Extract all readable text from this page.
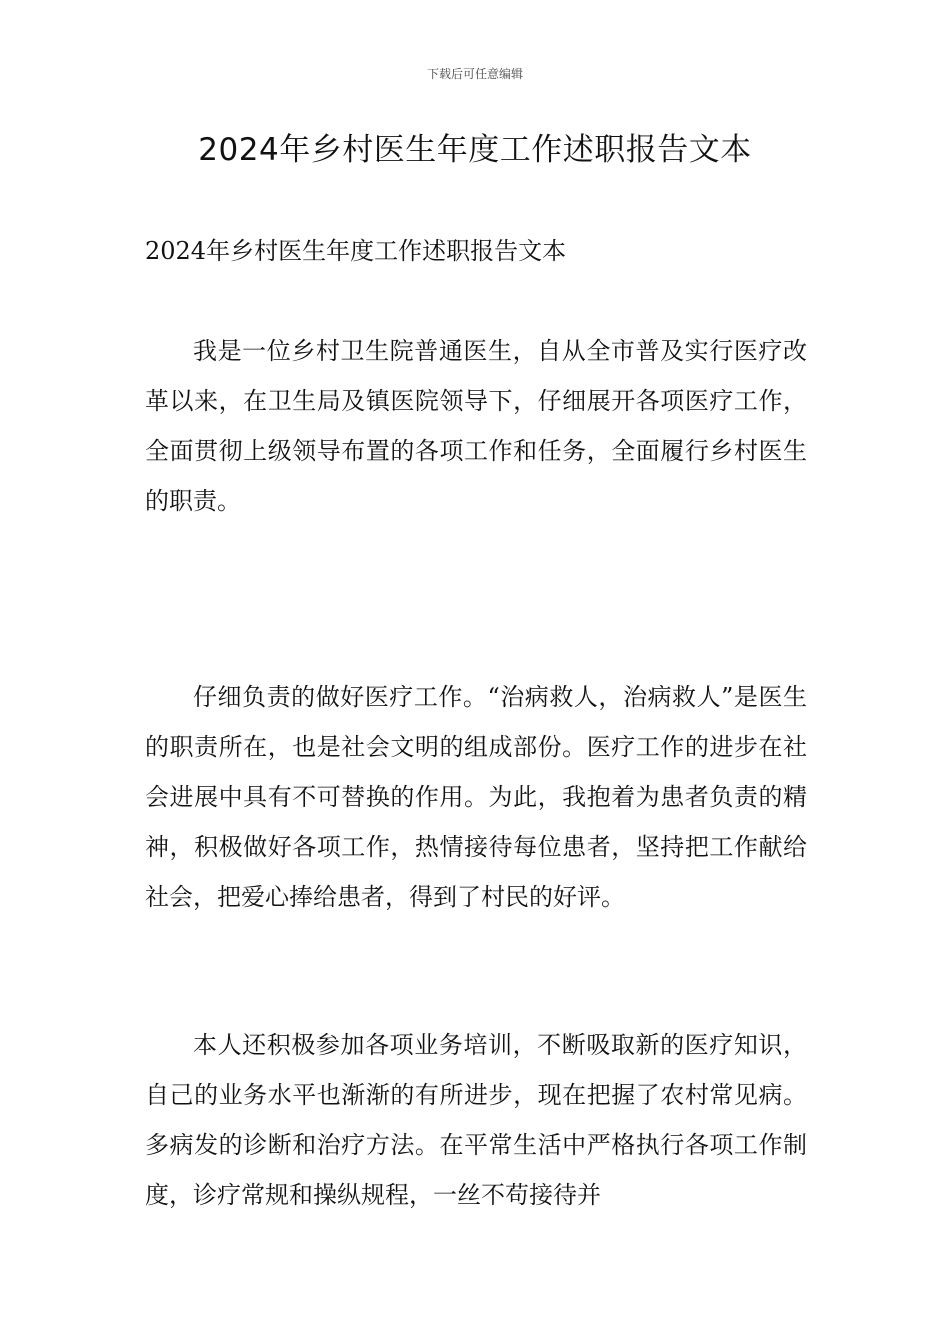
下载后可任意编辑
2024年乡村医生年度工作述职报告文本

2024年乡村医生年度工作述职报告文本

我是一位乡村卫生院普通医生，自从全市普及实行医疗改革以来，在卫生局及镇医院领导下，仔细展开各项医疗工作，全面贯彻上级领导布置的各项工作和任务，全面履行乡村医生的职责。

仔细负责的做好医疗工作。“治病救人，治病救人”是医生的职责所在，也是社会文明的组成部份。医疗工作的进步在社会进展中具有不可替换的作用。为此，我抱着为患者负责的精神，积极做好各项工作，热情接待每位患者，坚持把工作献给社会，把爱心捧给患者，得到了村民的好评。

本人还积极参加各项业务培训，不断吸取新的医疗知识，自己的业务水平也渐渐的有所进步，现在把握了农村常见病。多病发的诊断和治疗方法。在平常生活中严格执行各项工作制度，诊疗常规和操纵规程，一丝不苟接待并
